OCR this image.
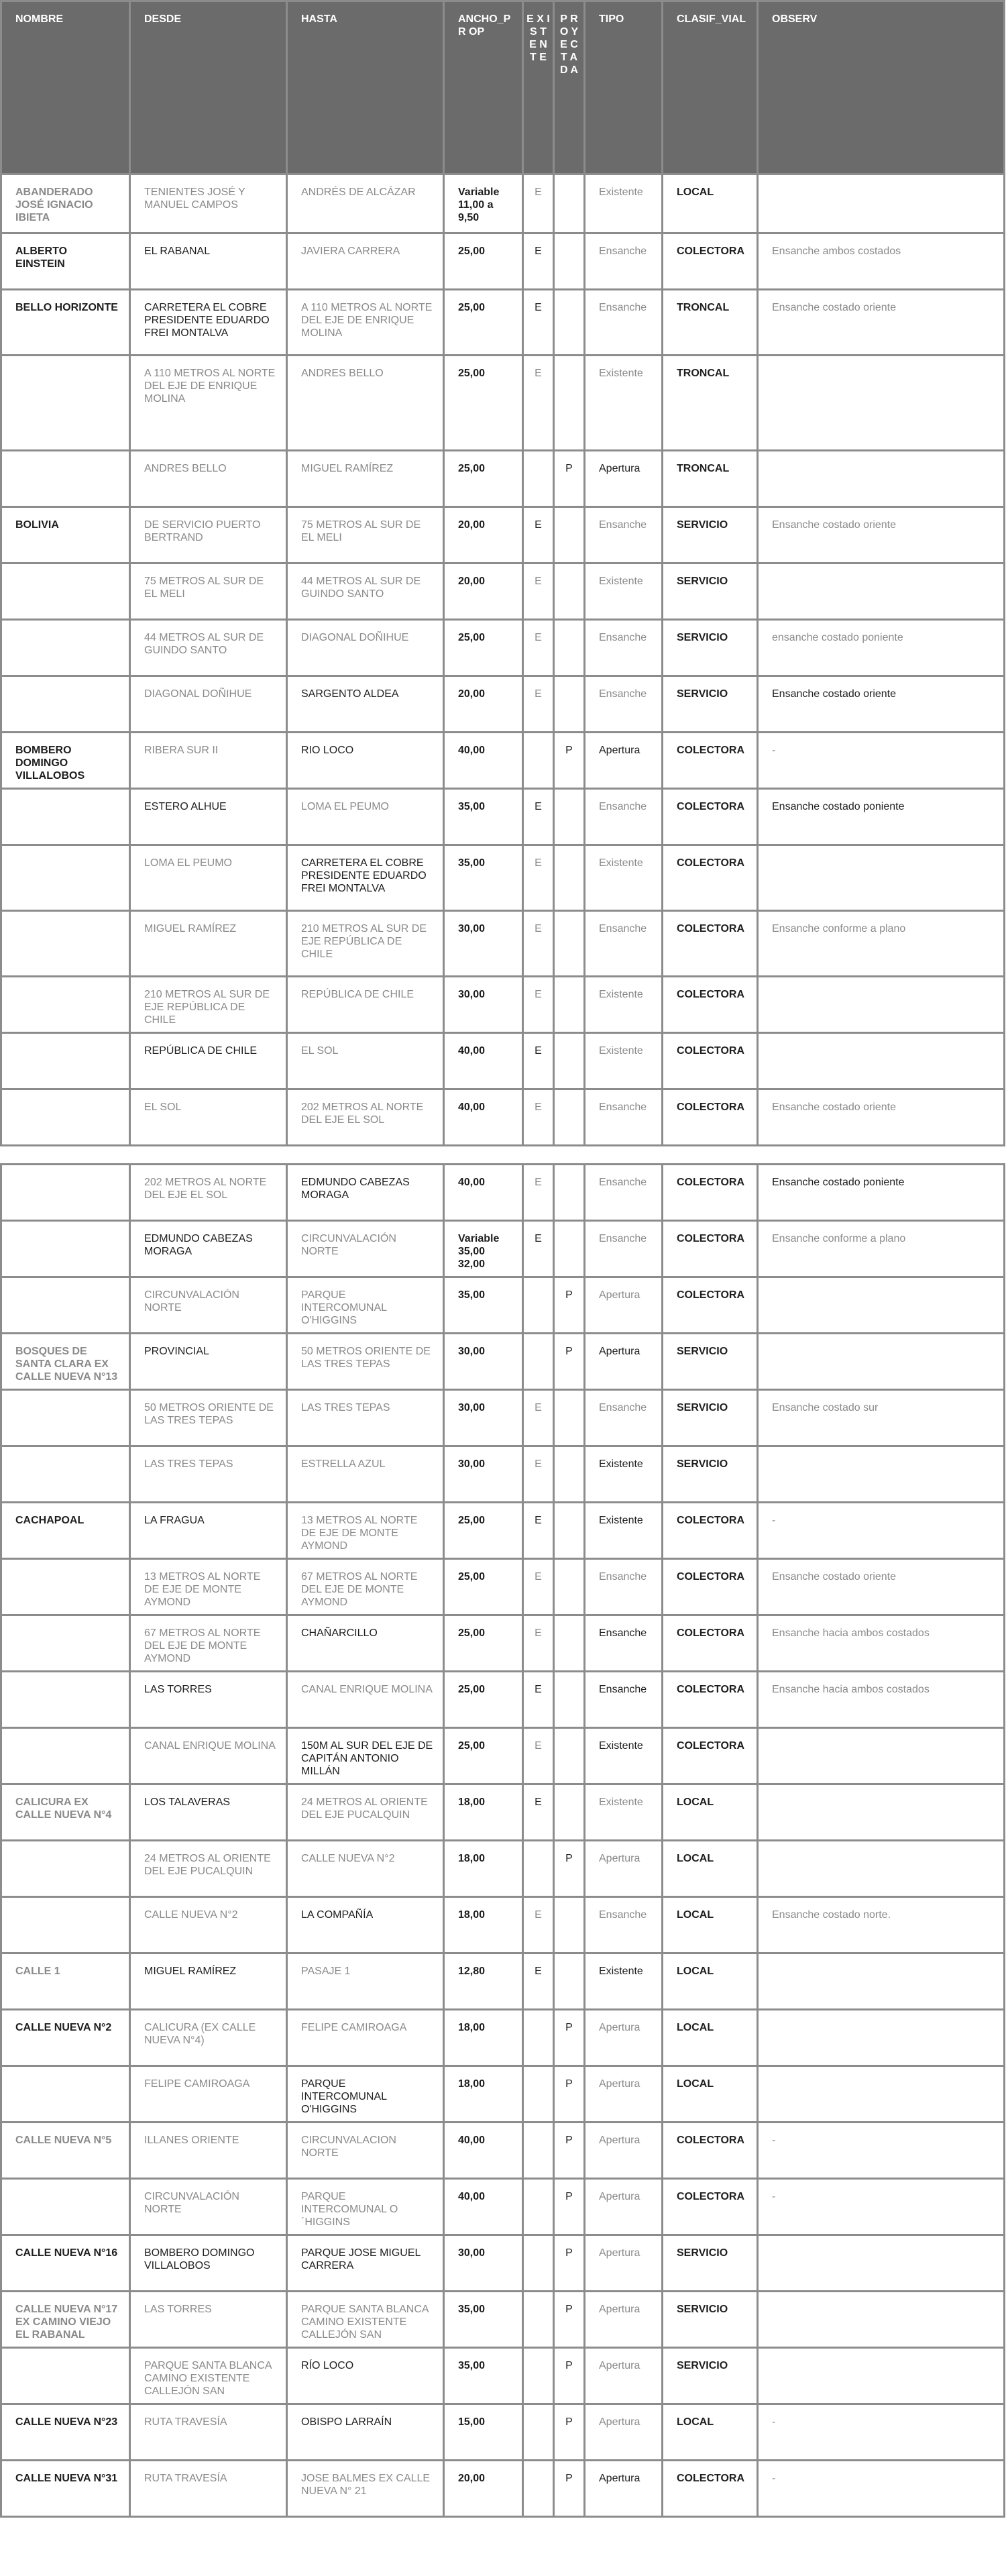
NOMBRE	DESDE	HASTA	ANCHO_P R OP	E X I S T E N T E	P R O Y E C T A D A	TIPO	CLASIF_VIAL	OBSERV
ABANDERADO JOSÉ IGNACIO IBIETA	TENIENTES JOSÉ Y MANUEL CAMPOS	ANDRÉS DE ALCÁZAR	Variable 11,00 a 9,50	E		Existente	LOCAL	
ALBERTO EINSTEIN	EL RABANAL	JAVIERA CARRERA	25,00	E		Ensanche	COLECTORA	Ensanche ambos costados
BELLO HORIZONTE	CARRETERA EL COBRE PRESIDENTE EDUARDO FREI MONTALVA	A 110 METROS AL NORTE DEL EJE DE ENRIQUE MOLINA	25,00	E		Ensanche	TRONCAL	Ensanche costado oriente
	A 110 METROS AL NORTE DEL EJE DE ENRIQUE MOLINA	ANDRES BELLO	25,00	E		Existente	TRONCAL	
	ANDRES BELLO	MIGUEL RAMÍREZ	25,00		P	Apertura	TRONCAL	
BOLIVIA	DE SERVICIO PUERTO BERTRAND	75 METROS AL SUR DE EL MELI	20,00	E		Ensanche	SERVICIO	Ensanche costado oriente
	75 METROS AL SUR DE EL MELI	44 METROS AL SUR DE GUINDO SANTO	20,00	E		Existente	SERVICIO	
	44 METROS AL SUR DE GUINDO SANTO	DIAGONAL DOÑIHUE	25,00	E		Ensanche	SERVICIO	ensanche costado poniente
	DIAGONAL DOÑIHUE	SARGENTO ALDEA	20,00	E		Ensanche	SERVICIO	Ensanche costado oriente
BOMBERO DOMINGO VILLALOBOS	RIBERA SUR II	RIO LOCO	40,00		P	Apertura	COLECTORA	-
	ESTERO ALHUE	LOMA EL PEUMO	35,00	E		Ensanche	COLECTORA	Ensanche costado poniente
	LOMA EL PEUMO	CARRETERA EL COBRE PRESIDENTE EDUARDO FREI MONTALVA	35,00	E		Existente	COLECTORA	
	MIGUEL RAMÍREZ	210 METROS AL SUR DE EJE REPÚBLICA DE CHILE	30,00	E		Ensanche	COLECTORA	Ensanche conforme a plano
	210 METROS AL SUR DE EJE REPÚBLICA DE CHILE	REPÚBLICA DE CHILE	30,00	E		Existente	COLECTORA	
	REPÚBLICA DE CHILE	EL SOL	40,00	E		Existente	COLECTORA	
	EL SOL	202 METROS AL NORTE DEL EJE EL SOL	40,00	E		Ensanche	COLECTORA	Ensanche costado oriente
	202 METROS AL NORTE DEL EJE EL SOL	EDMUNDO CABEZAS MORAGA	40,00	E		Ensanche	COLECTORA	Ensanche costado poniente
	EDMUNDO CABEZAS MORAGA	CIRCUNVALACIÓN NORTE	Variable 35,00 32,00	E		Ensanche	COLECTORA	Ensanche conforme a plano
	CIRCUNVALACIÓN NORTE	PARQUE INTERCOMUNAL O'HIGGINS	35,00		P	Apertura	COLECTORA	
BOSQUES DE SANTA CLARA EX CALLE NUEVA N°13	PROVINCIAL	50 METROS ORIENTE DE LAS TRES TEPAS	30,00		P	Apertura	SERVICIO	
	50 METROS ORIENTE DE LAS TRES TEPAS	LAS TRES TEPAS	30,00	E		Ensanche	SERVICIO	Ensanche costado sur
	LAS TRES TEPAS	ESTRELLA AZUL	30,00	E		Existente	SERVICIO	
CACHAPOAL	LA FRAGUA	13 METROS AL NORTE DE EJE DE MONTE AYMOND	25,00	E		Existente	COLECTORA	-
	13 METROS AL NORTE DE EJE DE MONTE AYMOND	67 METROS AL NORTE DEL EJE DE MONTE AYMOND	25,00	E		Ensanche	COLECTORA	Ensanche costado oriente
	67 METROS AL NORTE DEL EJE DE MONTE AYMOND	CHAÑARCILLO	25,00	E		Ensanche	COLECTORA	Ensanche hacia ambos costados
	LAS TORRES	CANAL ENRIQUE MOLINA	25,00	E		Ensanche	COLECTORA	Ensanche hacia ambos costados
	CANAL ENRIQUE MOLINA	150M AL SUR DEL EJE DE CAPITÁN ANTONIO MILLÁN	25,00	E		Existente	COLECTORA	
CALICURA EX CALLE NUEVA N°4	LOS TALAVERAS	24 METROS AL ORIENTE DEL EJE PUCALQUIN	18,00	E		Existente	LOCAL	
	24 METROS AL ORIENTE DEL EJE PUCALQUIN	CALLE NUEVA N°2	18,00		P	Apertura	LOCAL	
	CALLE NUEVA N°2	LA COMPAÑÍA	18,00	E		Ensanche	LOCAL	Ensanche costado norte.
CALLE 1	MIGUEL RAMÍREZ	PASAJE 1	12,80	E		Existente	LOCAL	
CALLE NUEVA N°2	CALICURA (EX CALLE NUEVA N°4)	FELIPE CAMIROAGA	18,00		P	Apertura	LOCAL	
	FELIPE CAMIROAGA	PARQUE INTERCOMUNAL O'HIGGINS	18,00		P	Apertura	LOCAL	
CALLE NUEVA N°5	ILLANES ORIENTE	CIRCUNVALACION NORTE	40,00		P	Apertura	COLECTORA	-
	CIRCUNVALACIÓN NORTE	PARQUE INTERCOMUNAL O´HIGGINS	40,00		P	Apertura	COLECTORA	-
CALLE NUEVA N°16	BOMBERO DOMINGO VILLALOBOS	PARQUE JOSE MIGUEL CARRERA	30,00		P	Apertura	SERVICIO	
CALLE NUEVA N°17 EX CAMINO VIEJO EL RABANAL	LAS TORRES	PARQUE SANTA BLANCA CAMINO EXISTENTE CALLEJÓN SAN	35,00		P	Apertura	SERVICIO	
	PARQUE SANTA BLANCA CAMINO EXISTENTE CALLEJÓN SAN	RÍO LOCO	35,00		P	Apertura	SERVICIO	
CALLE NUEVA N°23	RUTA TRAVESÍA	OBISPO LARRAÍN	15,00		P	Apertura	LOCAL	-
CALLE NUEVA N°31	RUTA TRAVESÍA	JOSE BALMES EX CALLE NUEVA N° 21	20,00		P	Apertura	COLECTORA	-
